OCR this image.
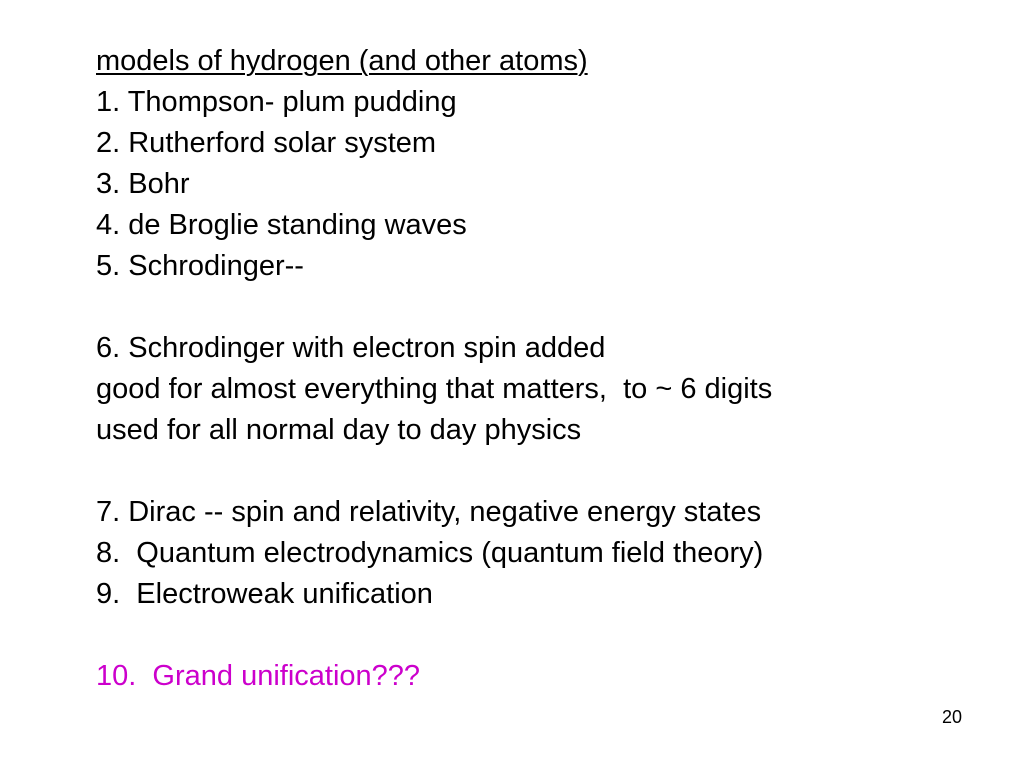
models of hydrogen (and other atoms)
1. Thompson- plum pudding
2. Rutherford solar system
3. Bohr
4. de Broglie standing waves
5. Schrodinger--
6. Schrodinger with electron spin added
good for almost everything that matters,  to ~ 6 digits
used for all normal day to day physics
7. Dirac -- spin and relativity, negative energy states
8.  Quantum electrodynamics (quantum field theory)
9.  Electroweak unification
10.  Grand unification???
20
